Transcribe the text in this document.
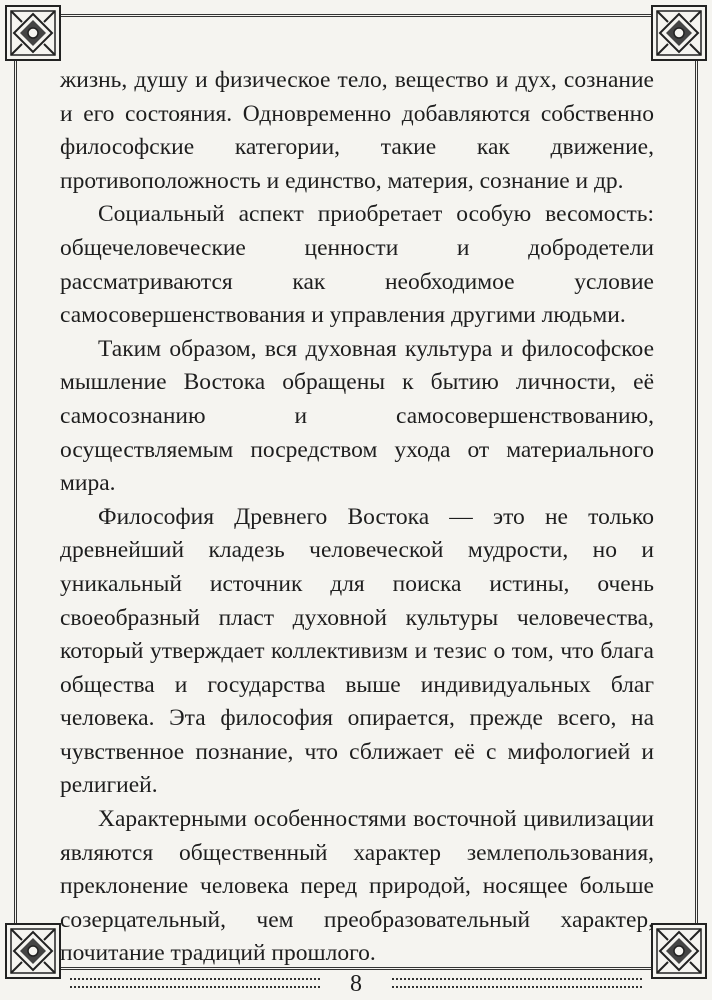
жизнь, душу и физическое тело, вещество и дух, сознание и его состояния. Одновременно добавляются собственно философские категории, такие как движение, противоположность и единство, материя, сознание и др.

Социальный аспект приобретает особую весомость: общечеловеческие ценности и добродетели рассматриваются как необходимое условие самосовершенствования и управления другими людьми.

Таким образом, вся духовная культура и философское мышление Востока обращены к бытию личности, её самосознанию и самосовершенствованию, осуществляемым посредством ухода от материального мира.

Философия Древнего Востока — это не только древнейший кладезь человеческой мудрости, но и уникальный источник для поиска истины, очень своеобразный пласт духовной культуры человечества, который утверждает коллективизм и тезис о том, что блага общества и государства выше индивидуальных благ человека. Эта философия опирается, прежде всего, на чувственное познание, что сближает её с мифологией и религией.

Характерными особенностями восточной цивилизации являются общественный характер землепользования, преклонение человека перед природой, носящее больше созерцательный, чем преобразовательный характер, почитание традиций прошлого.

8
